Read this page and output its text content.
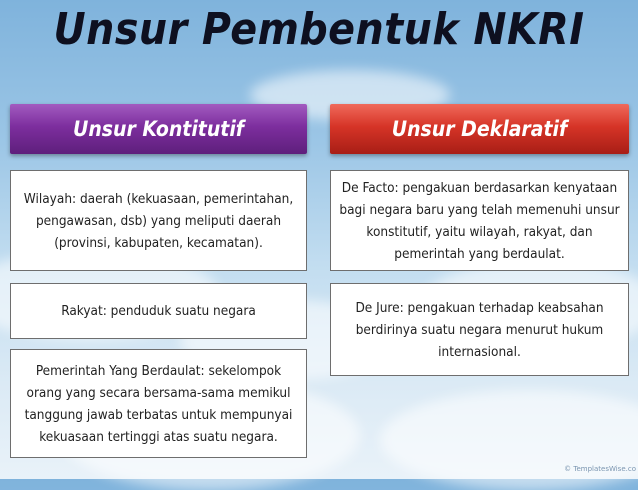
Unsur Pembentuk NKRI
Unsur Kontitutif	Unsur Deklaratif
Wilayah: daerah (kekuasaan, pemerintahan, pengawasan, dsb) yang meliputi daerah (provinsi, kabupaten, kecamatan).
Rakyat: penduduk suatu negara
Pemerintah Yang Berdaulat: sekelompok orang yang secara bersama-sama memikul tanggung jawab terbatas untuk mempunyai kekuasaan tertinggi atas suatu negara.
De Facto: pengakuan berdasarkan kenyataan bagi negara baru yang telah memenuhi unsur konstitutif, yaitu wilayah, rakyat, dan pemerintah yang berdaulat.
De Jure: pengakuan terhadap keabsahan berdirinya suatu negara menurut hukum internasional.
© TemplatesWise.co
